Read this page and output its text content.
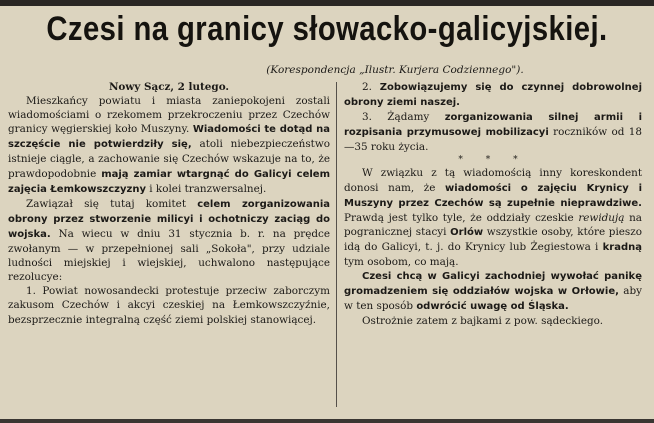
Czesi na granicy słowacko-galicyjskiej.
(Korespondencja „Ilustr. Kurjera Codziennego").
Nowy Sącz, 2 lutego.

Mieszkańcy powiatu i miasta zaniepokojeni zostali wiadomościami o rzekomem przekroczeniu przez Czechów granicy węgierskiej koło Muszyny. Wiadomości te dotąd na szczęście nie potwierdziły się, atoli niebezpieczeństwo istnieje ciągle, a zachowanie się Czechów wskazuje na to, że prawdopodobnie mają zamiar wtargnąć do Galicyi celem zajęcia Łemkowszczyzny i kolei tranzwersalnej.

Zawiązał się tutaj komitet celem zorganizowania obrony przez stworzenie milicyi i ochotniczy zaciąg do wojska. Na wiecu w dniu 31 stycznia b. r. na prędce zwołanym — w przepełnionej sali „Sokoła", przy udziale ludności miejskiej i wiejskiej, uchwalono następujące rezolucye:

1. Powiat nowosandecki protestuje przeciw zaborczym zakusom Czechów i akcyi czeskiej na Łemkowszczyźnie, bezsprzecznie integralną część ziemi polskiej stanowiącej.

2. Zobowiązujemy się do czynnej dobrowolnej obrony ziemi naszej.

3. Żądamy zorganizowania silnej armii i rozpisania przymusowej mobilizacyi roczników od 18—35 roku życia.

* * *

W związku z tą wiadomością inny koreskondent donosi nam, że wiadomości o zajęciu Krynicy i Muszyny przez Czechów są zupełnie nieprawdziwe. Prawdą jest tylko tyle, że oddziały czeskie rewidują na pogranicznej stacyi Orlów wszystkie osoby, które pieszo idą do Galicyi, t. j. do Krynicy lub Żegiestowa i kradną tym osobom, co mają.

Czesi chcą w Galicyi zachodniej wywołać panikę gromadzeniem się oddziałów wojska w Orłowie, aby w ten sposób odwrócić uwagę od Śląska.

Ostrożnie zatem z bajkami z pow. sądeckiego.
